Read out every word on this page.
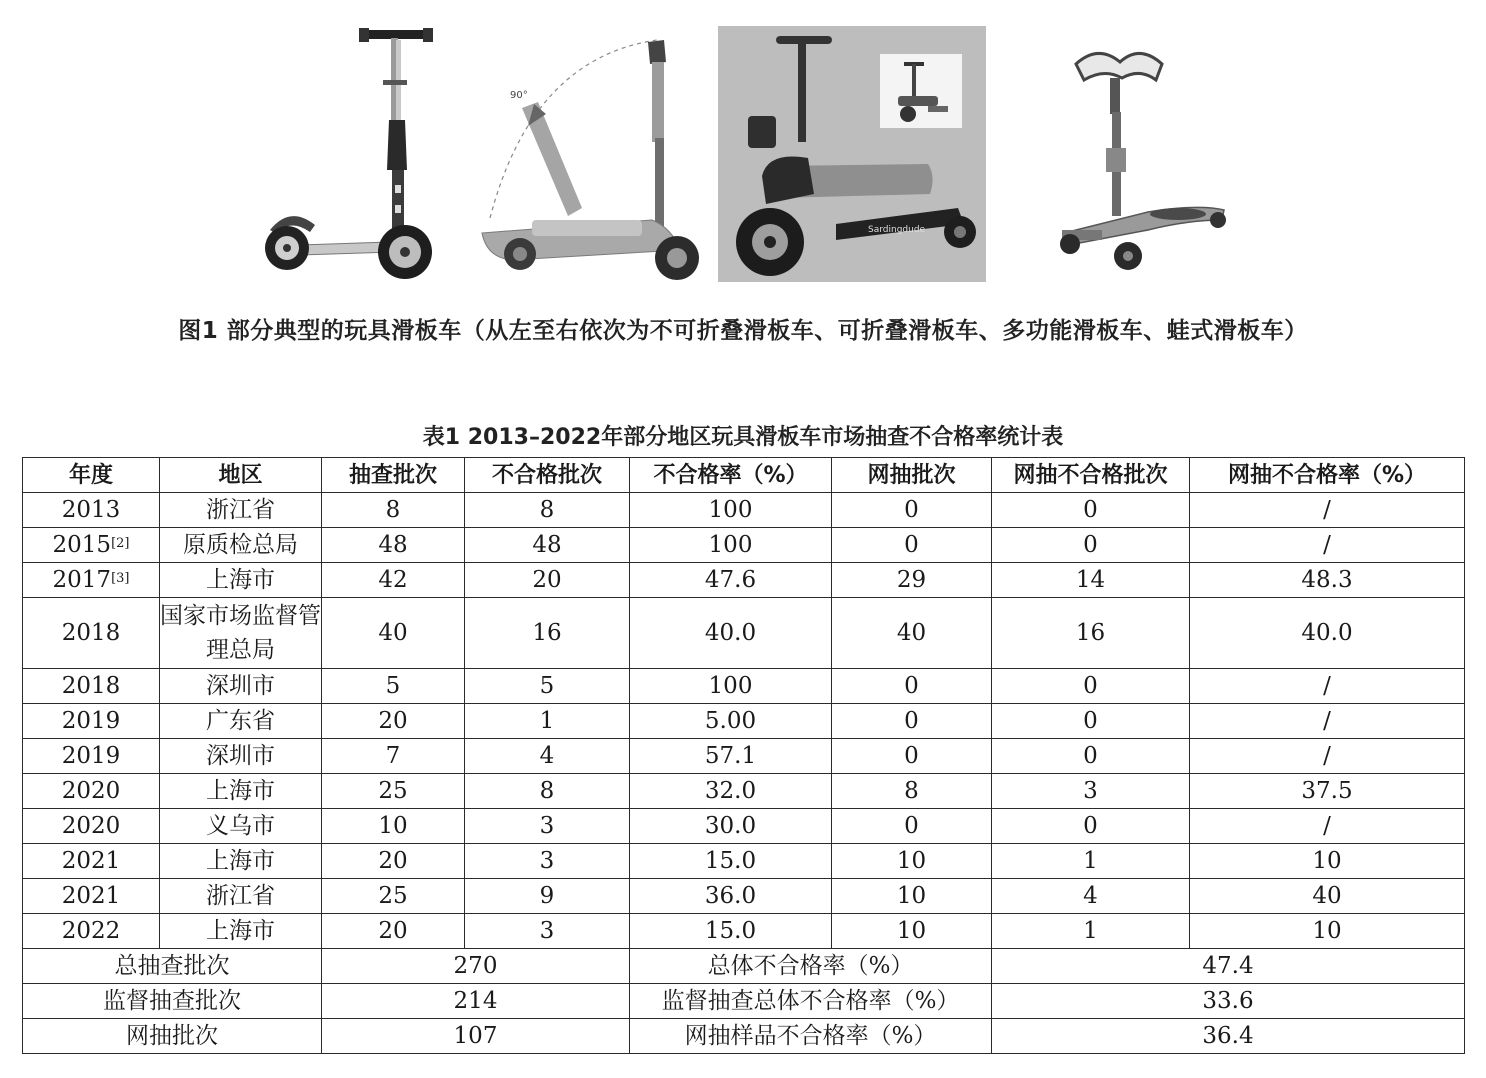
90°
Sardingdude
图1 部分典型的玩具滑板车（从左至右依次为不可折叠滑板车、可折叠滑板车、多功能滑板车、蛙式滑板车）
表1 2013–2022年部分地区玩具滑板车市场抽查不合格率统计表
年度	地区	抽查批次	不合格批次	不合格率（%）	网抽批次	网抽不合格批次	网抽不合格率（%）
2013	浙江省	8	8	100	0	0	/
2015[2]	原质检总局	48	48	100	0	0	/
2017[3]	上海市	42	20	47.6	29	14	48.3
2018	国家市场监督管理总局	40	16	40.0	40	16	40.0
2018	深圳市	5	5	100	0	0	/
2019	广东省	20	1	5.00	0	0	/
2019	深圳市	7	4	57.1	0	0	/
2020	上海市	25	8	32.0	8	3	37.5
2020	义乌市	10	3	30.0	0	0	/
2021	上海市	20	3	15.0	10	1	10
2021	浙江省	25	9	36.0	10	4	40
2022	上海市	20	3	15.0	10	1	10
总抽查批次		270		总体不合格率（%）		47.4	
监督抽查批次		214		监督抽查总体不合格率（%）		33.6	
网抽批次		107		网抽样品不合格率（%）		36.4	
